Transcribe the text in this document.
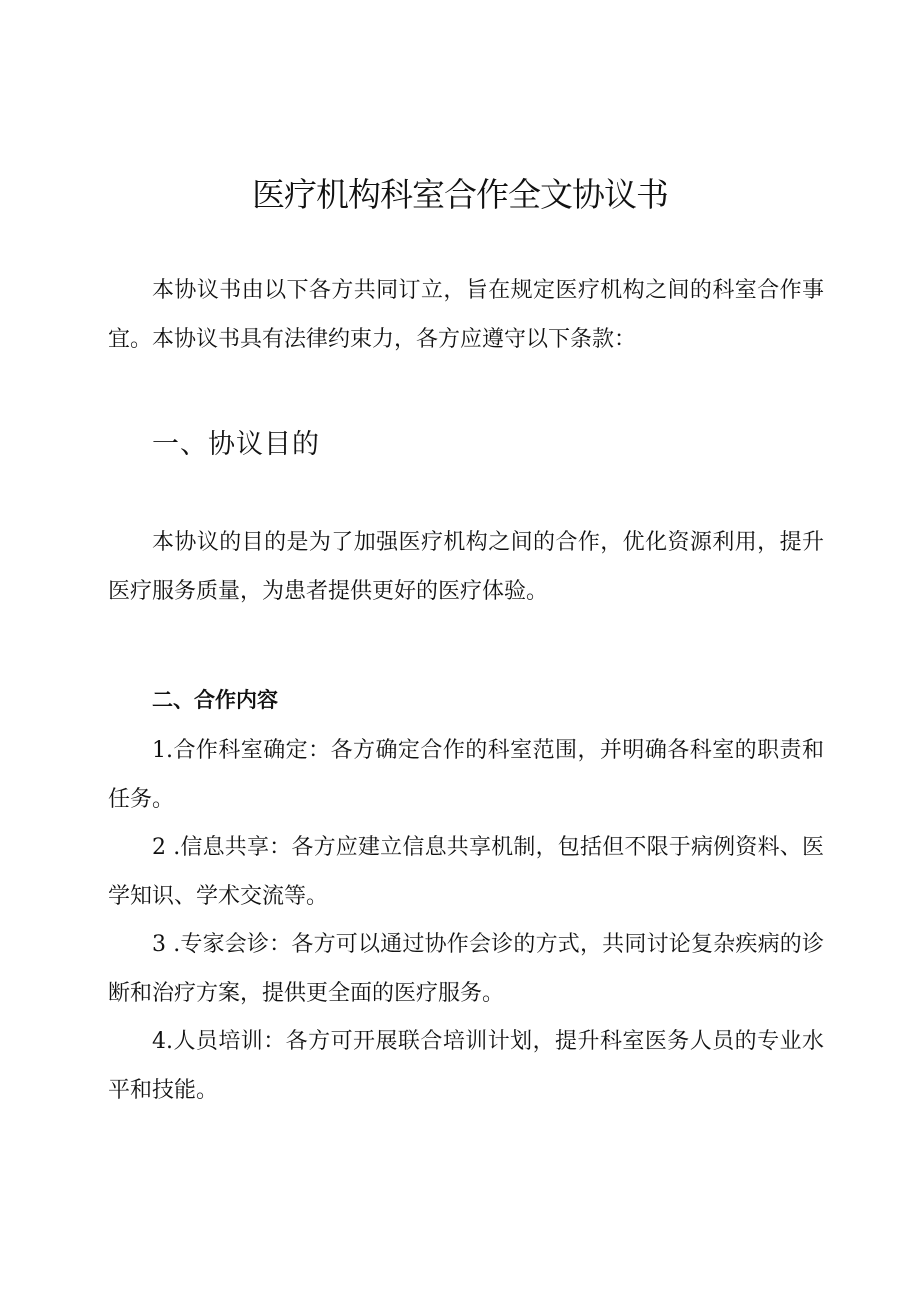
医疗机构科室合作全文协议书

本协议书由以下各方共同订立，旨在规定医疗机构之间的科室合作事宜。本协议书具有法律约束力，各方应遵守以下条款：

一、协议目的

本协议的目的是为了加强医疗机构之间的合作，优化资源利用，提升医疗服务质量，为患者提供更好的医疗体验。

二、合作内容

1.合作科室确定：各方确定合作的科室范围，并明确各科室的职责和任务。

2 .信息共享：各方应建立信息共享机制，包括但不限于病例资料、医学知识、学术交流等。

3 .专家会诊：各方可以通过协作会诊的方式，共同讨论复杂疾病的诊断和治疗方案，提供更全面的医疗服务。

4.人员培训：各方可开展联合培训计划，提升科室医务人员的专业水平和技能。
